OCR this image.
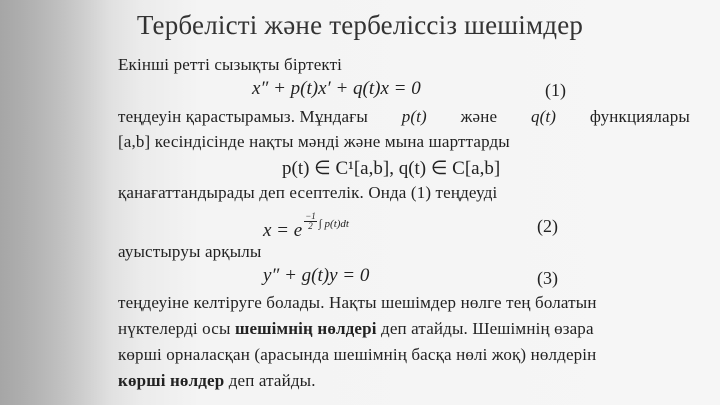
Тербелісті және тербеліссіз шешімдер
Екінші ретті сызықты біртекті
x″ + p(t)x′ + q(t)x = 0	(1)
теңдеуін қарастырамыз. Мұндағы p(t) және q(t) функциялары
[a,b] кесіндісінде нақты мәнді және мына шарттарды
p(t) ∈ C¹[a,b], q(t) ∈ C[a,b]
қанағаттандырады деп есептелік. Онда (1) теңдеуді
x = e $\frac{-1}{2} ^{\int p(t)dt}$	(2)
ауыстыруы арқылы
y″ + g(t)y = 0	(3)
теңдеуіне келтіруге болады. Нақты шешімдер нөлге тең болатын
нүктелерді осы шешімнің нөлдері деп атайды. Шешімнің өзара
көрші орналасқан (арасында шешімнің басқа нөлі жоқ) нөлдерін
көрші нөлдер деп атайды.
